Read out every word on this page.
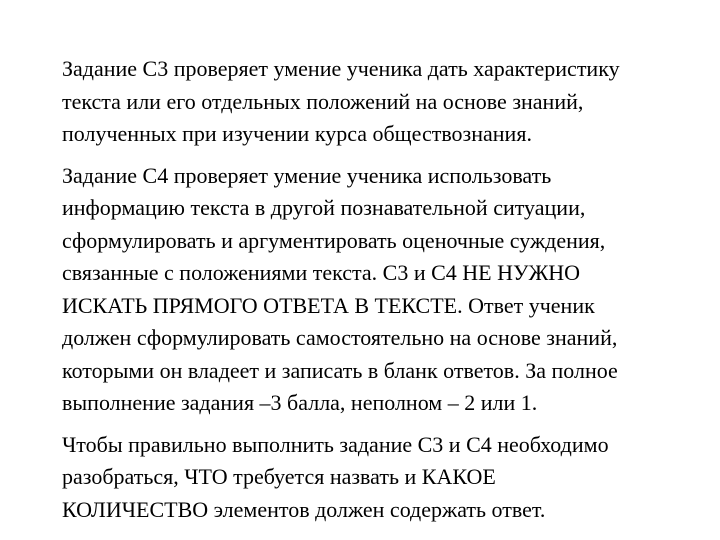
Задание С3 проверяет умение ученика дать характеристику
текста или его отдельных положений на основе знаний,
полученных при изучении курса обществознания.

Задание С4 проверяет умение ученика использовать
информацию текста в другой познавательной ситуации,
сформулировать и аргументировать оценочные суждения,
связанные с положениями текста. С3 и С4 НЕ НУЖНО
ИСКАТЬ ПРЯМОГО ОТВЕТА В ТЕКСТЕ. Ответ ученик
должен сформулировать самостоятельно на основе знаний,
которыми он владеет и записать в бланк ответов. За полное
выполнение задания –3 балла, неполном – 2 или 1.

Чтобы правильно выполнить задание С3 и С4 необходимо
разобраться, ЧТО требуется назвать и КАКОЕ
КОЛИЧЕСТВО элементов должен содержать ответ.
